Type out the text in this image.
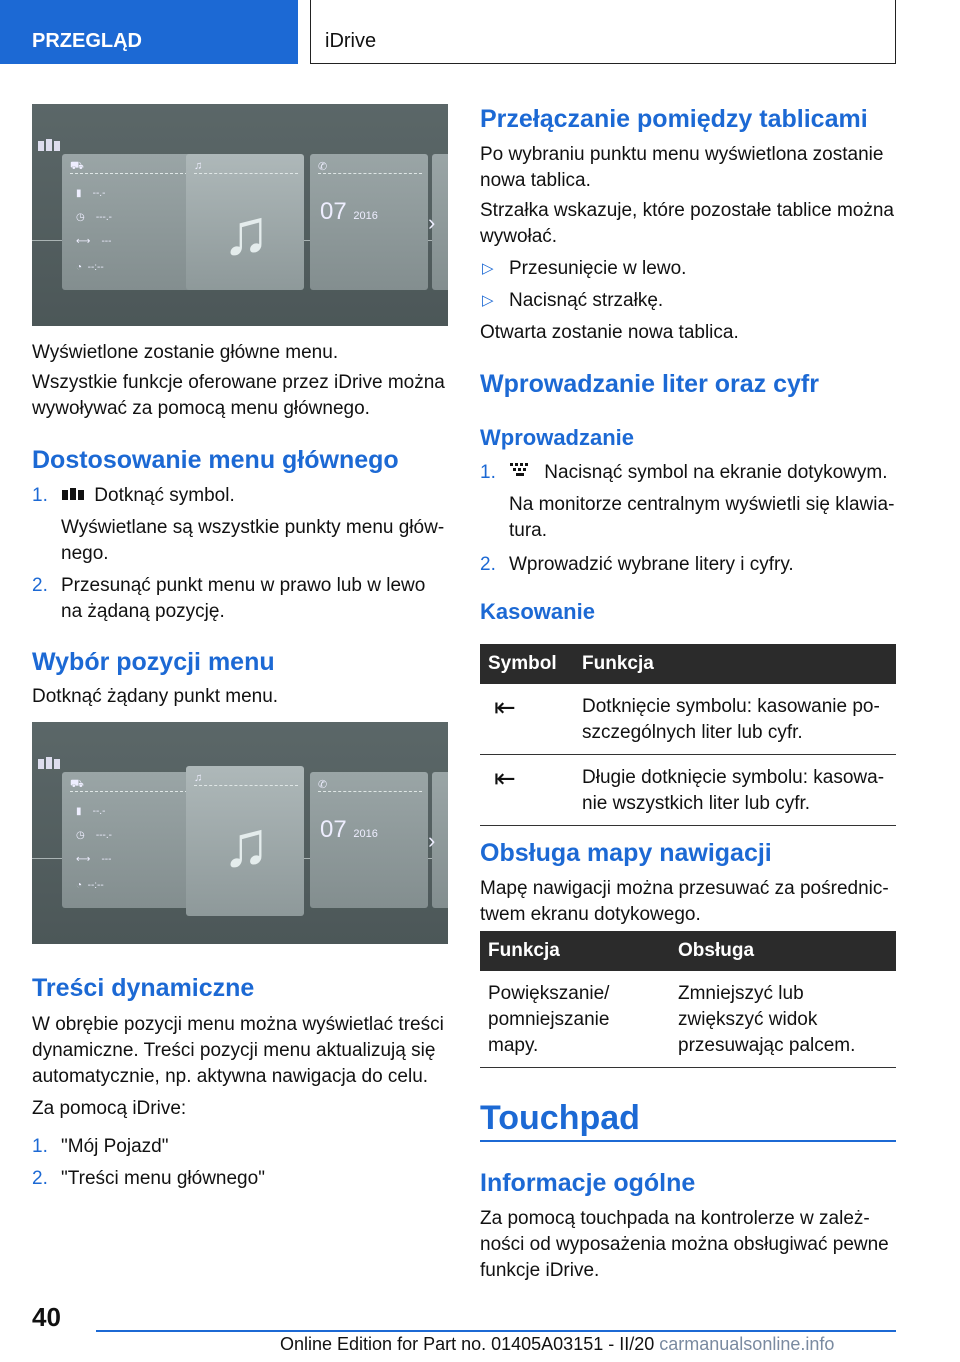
PRZEGLĄD	iDrive
⛟
▮ --.-
◷ ---.-
⟷ ---
◔ --:--
♫
♫
✆
07 2016 ›

Wyświetlone zostanie główne menu.

Wszystkie funkcje oferowane przez iDrive można wywoływać za pomocą menu głównego.

Dostosowanie menu głównego
1. Dotknąć symbol.
Wyświetlane są wszystkie punkty menu głównego.
2. Przesunąć punkt menu w prawo lub w lewo na żądaną pozycję.
Wybór pozycji menu

Dotknąć żądany punkt menu.

⛟
▮ --.-
◷ ---.-
⟷ ---
◔ --:--
♫
♫
✆
07 2016 ›
Treści dynamiczne

W obrębie pozycji menu można wyświetlać treści dynamiczne. Treści pozycji menu aktualizują się automatycznie, np. aktywna nawigacja do celu.

Za pomocą iDrive:

1. "Mój Pojazd"
2. "Treści menu głównego"
Przełączanie pomiędzy tablicami

Po wybraniu punktu menu wyświetlona zostanie nowa tablica.

Strzałka wskazuje, które pozostałe tablice można wywołać.

▷ Przesunięcie w lewo.
▷ Nacisnąć strzałkę.

Otwarta zostanie nowa tablica.

Wprowadzanie liter oraz cyfr
Wprowadzanie
1.	Nacisnąć symbol na ekranie dotykowym.
Na monitorze centralnym wyświetli się klawiatura.
2. Wprowadzić wybrane litery i cyfry.
Kasowanie
Symbol	Funkcja
⇤	Dotknięcie symbolu: kasowanie poszczególnych liter lub cyfr.
⇤	Długie dotknięcie symbolu: kasowanie wszystkich liter lub cyfr.
Obsługa mapy nawigacji

Mapę nawigacji można przesuwać za pośrednictwem ekranu dotykowego.

Funkcja	Obsługa
Powiększanie/ pomniejszanie mapy.	Zmniejszyć lub zwiększyć widok przesuwając palcem.
Touchpad
Informacje ogólne

Za pomocą touchpada na kontrolerze w zależności od wyposażenia można obsługiwać pewne funkcje iDrive.

40
Online Edition for Part no. 01405A03151 - II/20 carmanualsonline.info
